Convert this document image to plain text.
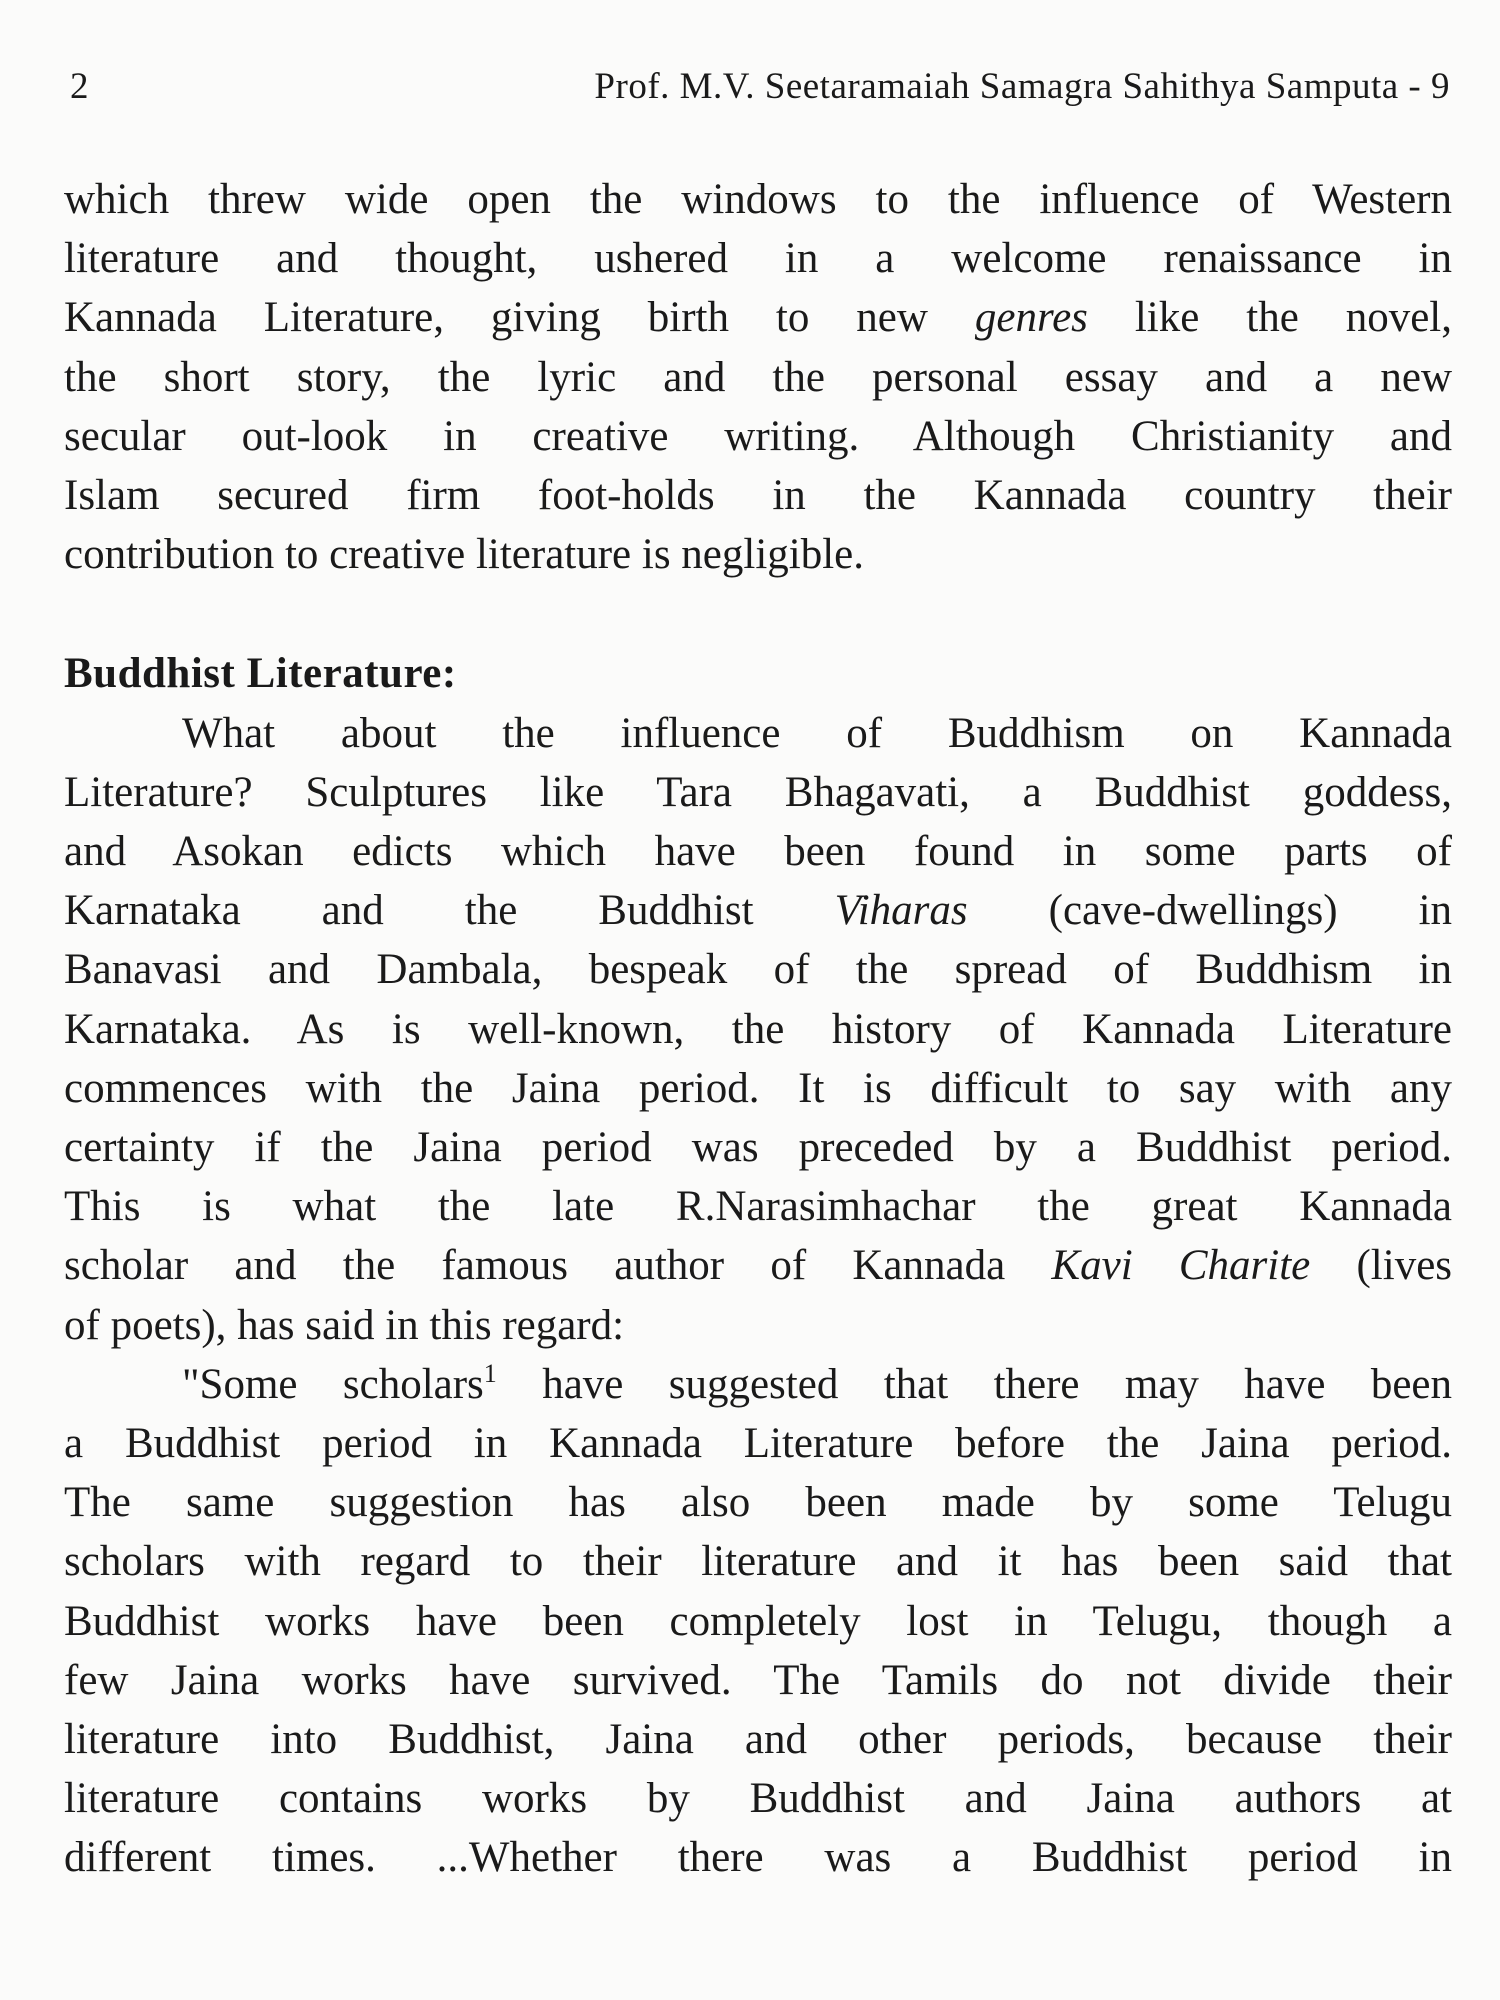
2	Prof. M.V. Seetaramaiah Samagra Sahithya Samputa - 9
which threw wide open the windows to the influence of Western
literature and thought, ushered in a welcome renaissance in
Kannada Literature, giving birth to new genres like the novel,
the short story, the lyric and the personal essay and a new
secular out-look in creative writing. Although Christianity and
Islam secured firm foot-holds in the Kannada country their
contribution to creative literature is negligible.
Buddhist Literature:
What about the influence of Buddhism on Kannada
Literature? Sculptures like Tara Bhagavati, a Buddhist goddess,
and Asokan edicts which have been found in some parts of
Karnataka and the Buddhist Viharas (cave-dwellings) in
Banavasi and Dambala, bespeak of the spread of Buddhism in
Karnataka. As is well-known, the history of Kannada Literature
commences with the Jaina period. It is difficult to say with any
certainty if the Jaina period was preceded by a Buddhist period.
This is what the late R.Narasimhachar the great Kannada
scholar and the famous author of Kannada Kavi Charite (lives
of poets), has said in this regard:
"Some scholars$^1$ have suggested that there may have been
a Buddhist period in Kannada Literature before the Jaina period.
The same suggestion has also been made by some Telugu
scholars with regard to their literature and it has been said that
Buddhist works have been completely lost in Telugu, though a
few Jaina works have survived. The Tamils do not divide their
literature into Buddhist, Jaina and other periods, because their
literature contains works by Buddhist and Jaina authors at
different times. ...Whether there was a Buddhist period in
